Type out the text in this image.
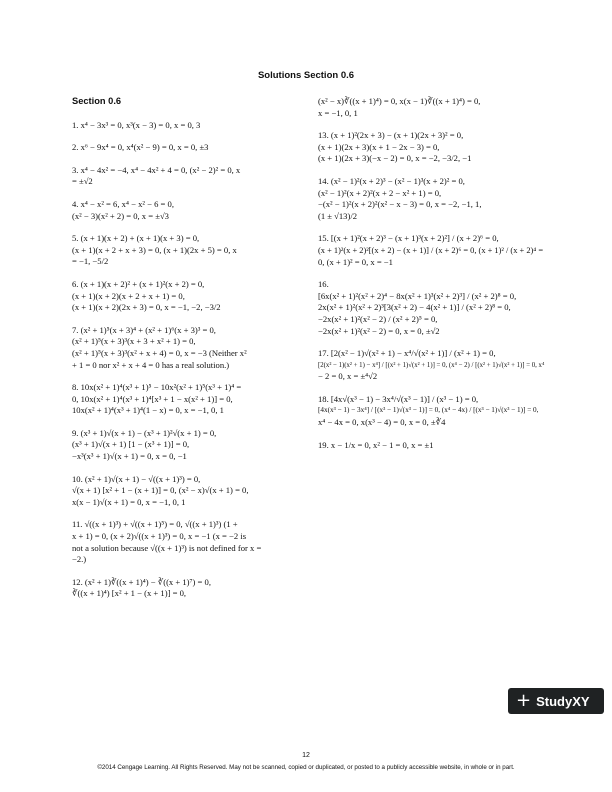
Solutions Section 0.6
Section 0.6
1. x⁴ − 3x³ = 0, x³(x − 3) = 0, x = 0, 3
2. x⁶ − 9x⁴ = 0, x⁴(x² − 9) = 0, x = 0, ±3
3. x⁴ − 4x² = −4, x⁴ − 4x² + 4 = 0, (x² − 2)² = 0, x
= ±√2
4. x⁴ − x² = 6, x⁴ − x² − 6 = 0,
(x² − 3)(x² + 2) = 0, x = ±√3
5. (x + 1)(x + 2) + (x + 1)(x + 3) = 0,
(x + 1)(x + 2 + x + 3) = 0, (x + 1)(2x + 5) = 0, x
= −1, −5/2
6. (x + 1)(x + 2)² + (x + 1)²(x + 2) = 0,
(x + 1)(x + 2)(x + 2 + x + 1) = 0,
(x + 1)(x + 2)(2x + 3) = 0, x = −1, −2, −3/2
7. (x² + 1)⁵(x + 3)⁴ + (x² + 1)⁶(x + 3)³ = 0,
(x² + 1)⁵(x + 3)³(x + 3 + x² + 1) = 0,
(x² + 1)⁵(x + 3)³(x² + x + 4) = 0, x = −3 (Neither x²
+ 1 = 0 nor x² + x + 4 = 0 has a real solution.)
8. 10x(x² + 1)⁴(x³ + 1)⁵ − 10x²(x² + 1)⁵(x³ + 1)⁴ =
0, 10x(x² + 1)⁴(x³ + 1)⁴[x³ + 1 − x(x² + 1)] = 0,
10x(x² + 1)⁴(x³ + 1)⁴(1 − x) = 0, x = −1, 0, 1
9. (x³ + 1)√(x + 1) − (x³ + 1)²√(x + 1) = 0,
(x³ + 1)√(x + 1) [1 − (x³ + 1)] = 0,
−x³(x³ + 1)√(x + 1) = 0, x = 0, −1
10. (x² + 1)√(x + 1) − √((x + 1)³) = 0,
√(x + 1) [x² + 1 − (x + 1)] = 0, (x² − x)√(x + 1) = 0,
x(x − 1)√(x + 1) = 0, x = −1, 0, 1
11. √((x + 1)³) + √((x + 1)⁵) = 0, √((x + 1)³) (1 +
x + 1) = 0, (x + 2)√((x + 1)³) = 0, x = −1 (x = −2 is
not a solution because √((x + 1)³) is not defined for x =
−2.)
12. (x² + 1)∛((x + 1)⁴) − ∛((x + 1)⁷) = 0,
∛((x + 1)⁴) [x² + 1 − (x + 1)] = 0,
(x² − x)∛((x + 1)⁴) = 0, x(x − 1)∛((x + 1)⁴) = 0,
x = −1, 0, 1
13. (x + 1)²(2x + 3) − (x + 1)(2x + 3)² = 0,
(x + 1)(2x + 3)(x + 1 − 2x − 3) = 0,
(x + 1)(2x + 3)(−x − 2) = 0, x = −2, −3/2, −1
14. (x² − 1)²(x + 2)³ − (x² − 1)³(x + 2)² = 0,
(x² − 1)²(x + 2)²(x + 2 − x² + 1) = 0,
−(x² − 1)²(x + 2)²(x² − x − 3) = 0, x = −2, −1, 1,
(1 ± √13)/2
15. [(x + 1)²(x + 2)³ − (x + 1)³(x + 2)²] / (x + 2)⁶ = 0,
(x + 1)²(x + 2)²[(x + 2) − (x + 1)] / (x + 2)⁶ = 0, (x + 1)² / (x + 2)⁴ =
0, (x + 1)² = 0, x = −1
16.
[6x(x² + 1)²(x² + 2)⁴ − 8x(x² + 1)³(x² + 2)³] / (x² + 2)⁸ = 0,
2x(x² + 1)²(x² + 2)³[3(x² + 2) − 4(x² + 1)] / (x² + 2)⁸ = 0,
−2x(x² + 1)²(x² − 2) / (x² + 2)⁵ = 0,
−2x(x² + 1)²(x² − 2) = 0, x = 0, ±√2
17. [2(x² − 1)√(x² + 1) − x⁴/√(x² + 1)] / (x² + 1) = 0,
[2(x² − 1)(x² + 1) − x⁴] / [(x² + 1)√(x² + 1)] = 0, (x⁴ − 2) / [(x² + 1)√(x² + 1)] = 0, x⁴
− 2 = 0, x = ±⁴√2
18. [4x√(x³ − 1) − 3x⁴/√(x³ − 1)] / (x³ − 1) = 0,
[4x(x³ − 1) − 3x⁴] / [(x³ − 1)√(x³ − 1)] = 0, (x⁴ − 4x) / [(x³ − 1)√(x³ − 1)] = 0,
x⁴ − 4x = 0, x(x³ − 4) = 0, x = 0, ±∛4
19. x − 1/x = 0, x² − 1 = 0, x = ±1
+ StudyXY
12
©2014 Cengage Learning. All Rights Reserved. May not be scanned, copied or duplicated, or posted to a publicly accessible website, in whole or in part.
